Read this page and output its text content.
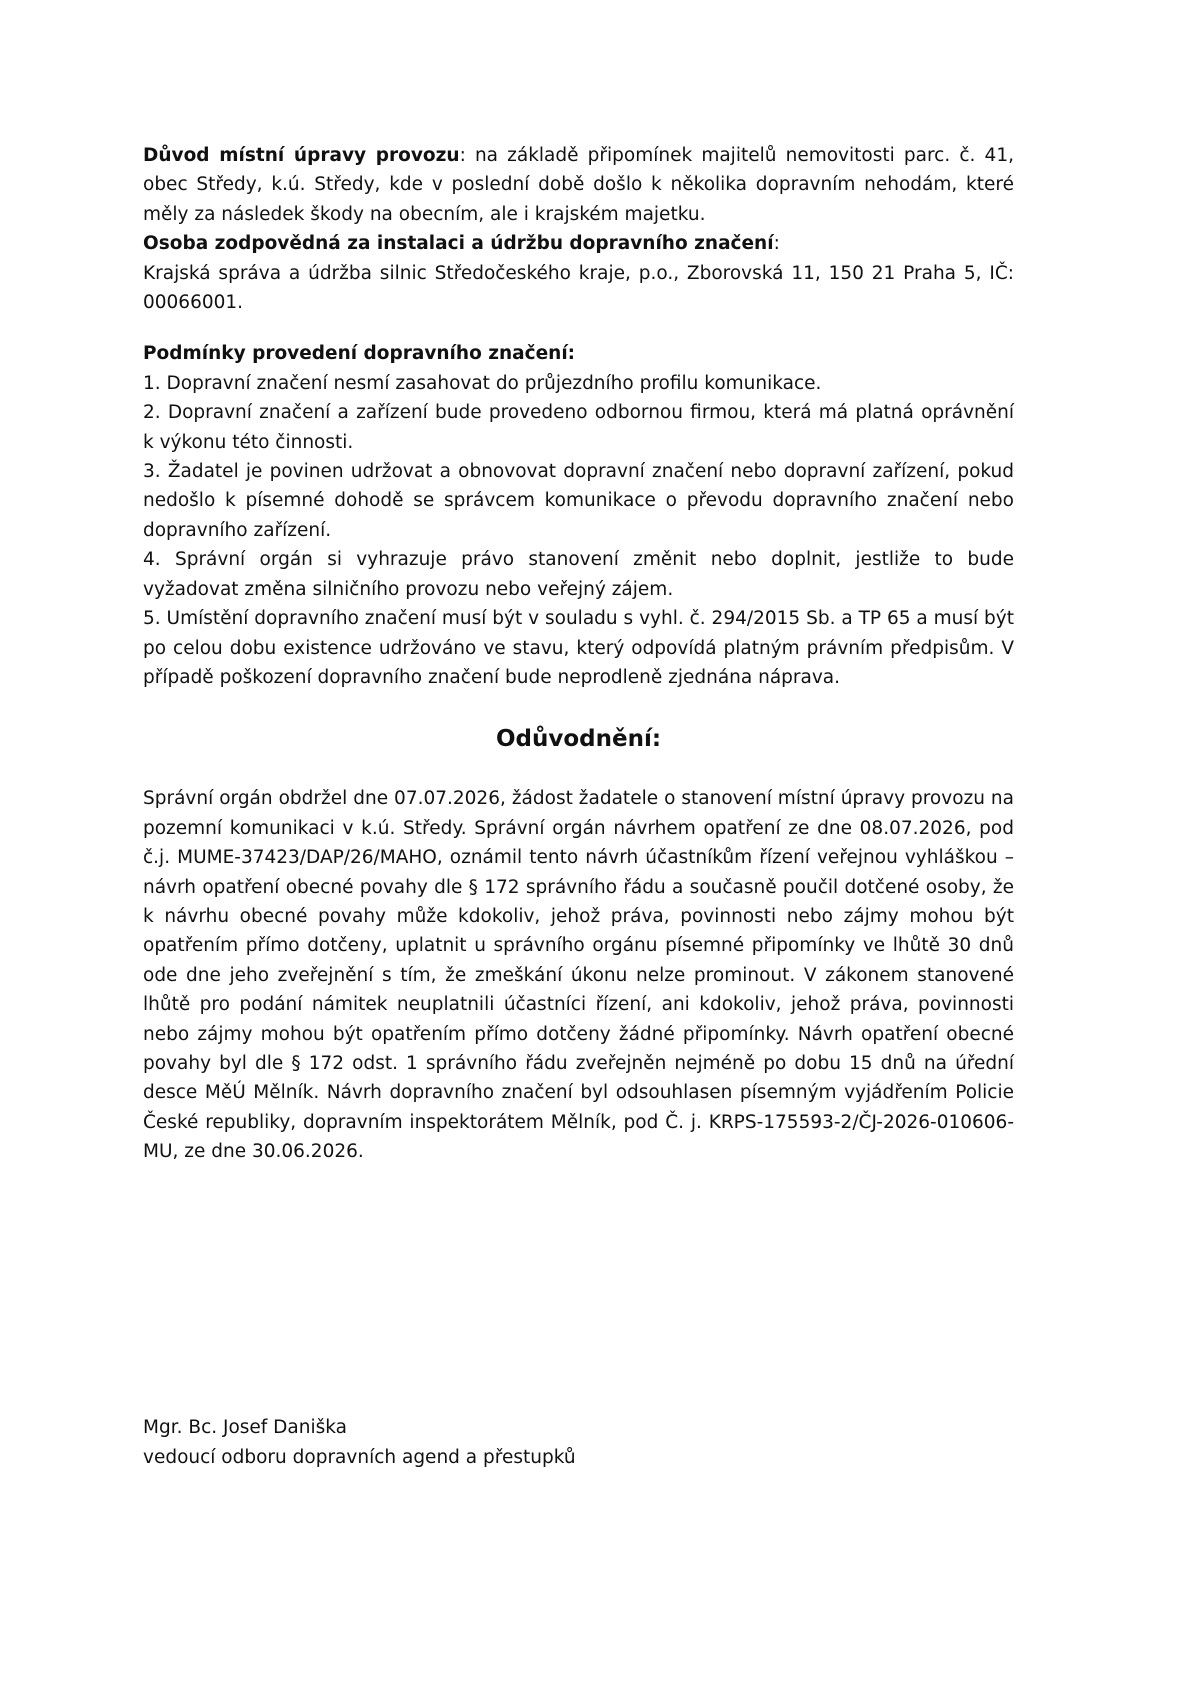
Důvod místní úpravy provozu: na základě připomínek majitelů nemovitosti parc. č. 41, obec Středy, k.ú. Středy, kde v poslední době došlo k několika dopravním nehodám, které měly za následek škody na obecním, ale i krajském majetku.

Osoba zodpovědná za instalaci a údržbu dopravního značení:

Krajská správa a údržba silnic Středočeského kraje, p.o., Zborovská 11, 150 21 Praha 5, IČ: 00066001.

Podmínky provedení dopravního značení:

1. Dopravní značení nesmí zasahovat do průjezdního profilu komunikace.

2. Dopravní značení a zařízení bude provedeno odbornou firmou, která má platná oprávnění k výkonu této činnosti.

3. Žadatel je povinen udržovat a obnovovat dopravní značení nebo dopravní zařízení, pokud nedošlo k písemné dohodě se správcem komunikace o převodu dopravního značení nebo dopravního zařízení.

4. Správní orgán si vyhrazuje právo stanovení změnit nebo doplnit, jestliže to bude vyžadovat změna silničního provozu nebo veřejný zájem.

5. Umístění dopravního značení musí být v souladu s vyhl. č. 294/2015 Sb. a TP 65 a musí být po celou dobu existence udržováno ve stavu, který odpovídá platným právním předpisům. V případě poškození dopravního značení bude neprodleně zjednána náprava.

Odůvodnění:

Správní orgán obdržel dne 07.07.2026, žádost žadatele o stanovení místní úpravy provozu na pozemní komunikaci v k.ú. Středy. Správní orgán návrhem opatření ze dne 08.07.2026, pod č.j. MUME-37423/DAP/26/MAHO, oznámil tento návrh účastníkům řízení veřejnou vyhláškou – návrh opatření obecné povahy dle § 172 správního řádu a současně poučil dotčené osoby, že k návrhu obecné povahy může kdokoliv, jehož práva, povinnosti nebo zájmy mohou být opatřením přímo dotčeny, uplatnit u správního orgánu písemné připomínky ve lhůtě 30 dnů ode dne jeho zveřejnění s tím, že zmeškání úkonu nelze prominout. V zákonem stanovené lhůtě pro podání námitek neuplatnili účastníci řízení, ani kdokoliv, jehož práva, povinnosti nebo zájmy mohou být opatřením přímo dotčeny žádné připomínky. Návrh opatření obecné povahy byl dle § 172 odst. 1 správního řádu zveřejněn nejméně po dobu 15 dnů na úřední desce MěÚ Mělník. Návrh dopravního značení byl odsouhlasen písemným vyjádřením Policie České republiky, dopravním inspektorátem Mělník, pod Č. j. KRPS-175593-2/ČJ-2026-010606-MU, ze dne 30.06.2026.

Mgr. Bc. Josef Daniška

vedoucí odboru dopravních agend a přestupků
